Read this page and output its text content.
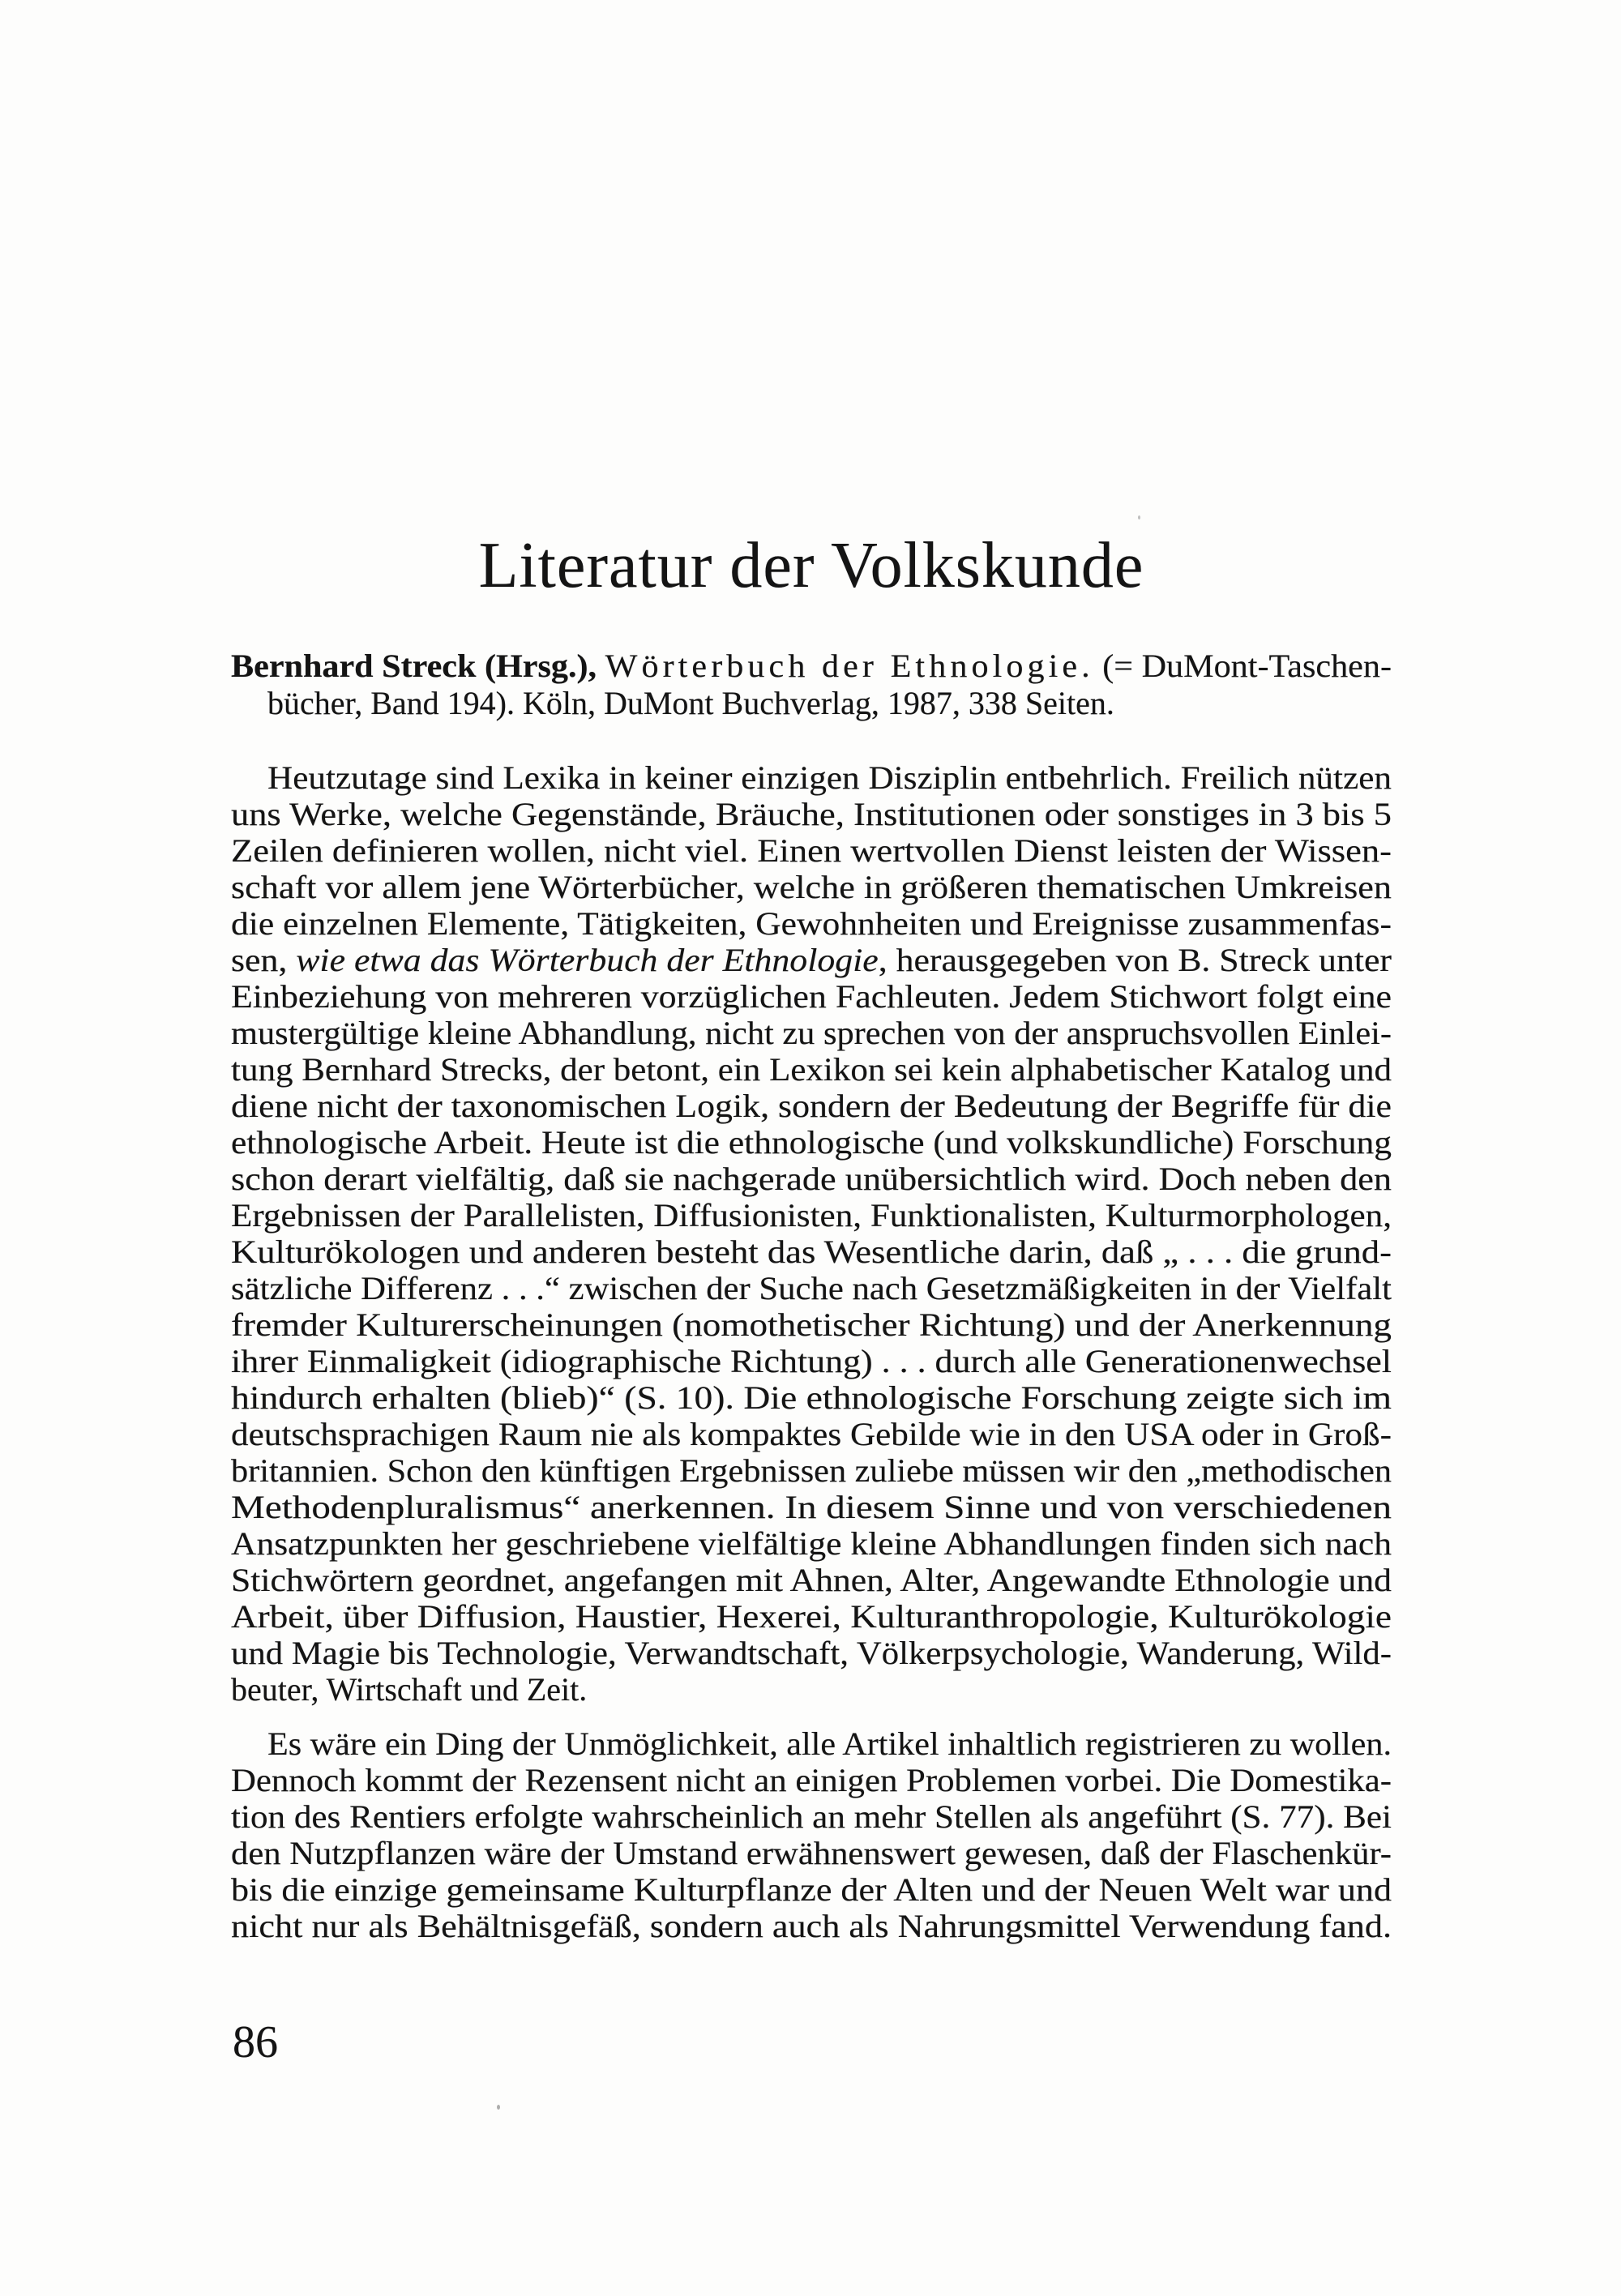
Literatur der Volkskunde
Bernhard Streck (Hrsg.), Wörterbuch der Ethnologie. (= DuMont-Taschen-
bücher, Band 194). Köln, DuMont Buchverlag, 1987, 338 Seiten.
Heutzutage sind Lexika in keiner einzigen Disziplin entbehrlich. Freilich nützen
uns Werke, welche Gegenstände, Bräuche, Institutionen oder sonstiges in 3 bis 5
Zeilen definieren wollen, nicht viel. Einen wertvollen Dienst leisten der Wissen-
schaft vor allem jene Wörterbücher, welche in größeren thematischen Umkreisen
die einzelnen Elemente, Tätigkeiten, Gewohnheiten und Ereignisse zusammenfas-
sen, wie etwa das Wörterbuch der Ethnologie, herausgegeben von B. Streck unter
Einbeziehung von mehreren vorzüglichen Fachleuten. Jedem Stichwort folgt eine
mustergültige kleine Abhandlung, nicht zu sprechen von der anspruchsvollen Einlei-
tung Bernhard Strecks, der betont, ein Lexikon sei kein alphabetischer Katalog und
diene nicht der taxonomischen Logik, sondern der Bedeutung der Begriffe für die
ethnologische Arbeit. Heute ist die ethnologische (und volkskundliche) Forschung
schon derart vielfältig, daß sie nachgerade unübersichtlich wird. Doch neben den
Ergebnissen der Parallelisten, Diffusionisten, Funktionalisten, Kulturmorphologen,
Kulturökologen und anderen besteht das Wesentliche darin, daß „ . . . die grund-
sätzliche Differenz . . .“ zwischen der Suche nach Gesetzmäßigkeiten in der Vielfalt
fremder Kulturerscheinungen (nomothetischer Richtung) und der Anerkennung
ihrer Einmaligkeit (idiographische Richtung) . . . durch alle Generationenwechsel
hindurch erhalten (blieb)“ (S. 10). Die ethnologische Forschung zeigte sich im
deutschsprachigen Raum nie als kompaktes Gebilde wie in den USA oder in Groß-
britannien. Schon den künftigen Ergebnissen zuliebe müssen wir den „methodischen
Methodenpluralismus“ anerkennen. In diesem Sinne und von verschiedenen
Ansatzpunkten her geschriebene vielfältige kleine Abhandlungen finden sich nach
Stichwörtern geordnet, angefangen mit Ahnen, Alter, Angewandte Ethnologie und
Arbeit, über Diffusion, Haustier, Hexerei, Kulturanthropologie, Kulturökologie
und Magie bis Technologie, Verwandtschaft, Völkerpsychologie, Wanderung, Wild-
beuter, Wirtschaft und Zeit.
Es wäre ein Ding der Unmöglichkeit, alle Artikel inhaltlich registrieren zu wollen.
Dennoch kommt der Rezensent nicht an einigen Problemen vorbei. Die Domestika-
tion des Rentiers erfolgte wahrscheinlich an mehr Stellen als angeführt (S. 77). Bei
den Nutzpflanzen wäre der Umstand erwähnenswert gewesen, daß der Flaschenkür-
bis die einzige gemeinsame Kulturpflanze der Alten und der Neuen Welt war und
nicht nur als Behältnisgefäß, sondern auch als Nahrungsmittel Verwendung fand.
86
